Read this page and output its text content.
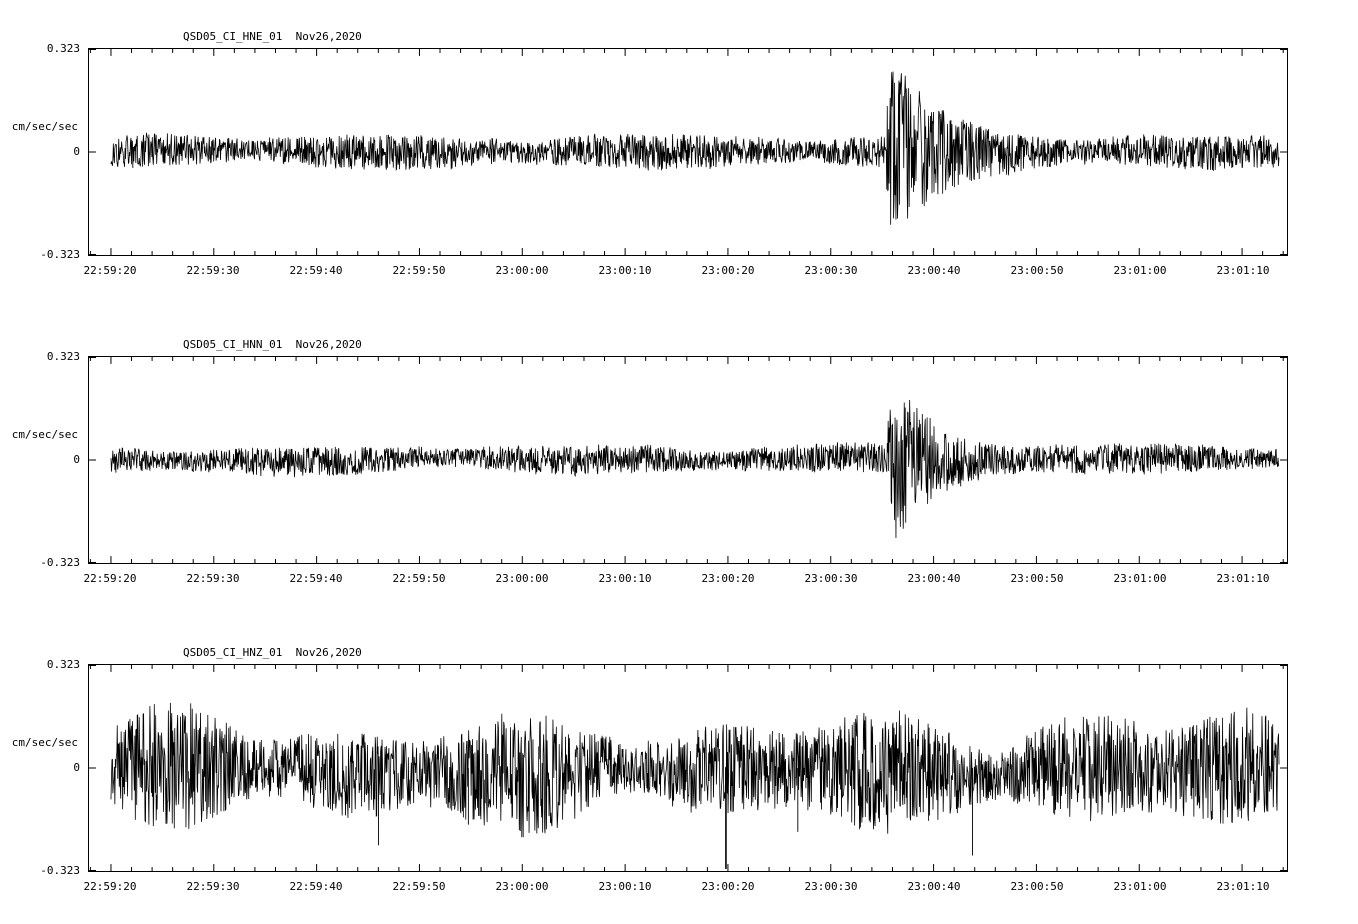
QSD05_CI_HNE_01  Nov26,2020
0.323
cm/sec/sec
0
-0.323
22:59:20	22:59:30	22:59:40	22:59:50	23:00:00	23:00:10	23:00:20	23:00:30	23:00:40	23:00:50	23:01:00	23:01:10
QSD05_CI_HNN_01  Nov26,2020
0.323
cm/sec/sec
0
-0.323
22:59:20	22:59:30	22:59:40	22:59:50	23:00:00	23:00:10	23:00:20	23:00:30	23:00:40	23:00:50	23:01:00	23:01:10
QSD05_CI_HNZ_01  Nov26,2020
0.323
cm/sec/sec
0
-0.323
22:59:20	22:59:30	22:59:40	22:59:50	23:00:00	23:00:10	23:00:20	23:00:30	23:00:40	23:00:50	23:01:00	23:01:10
